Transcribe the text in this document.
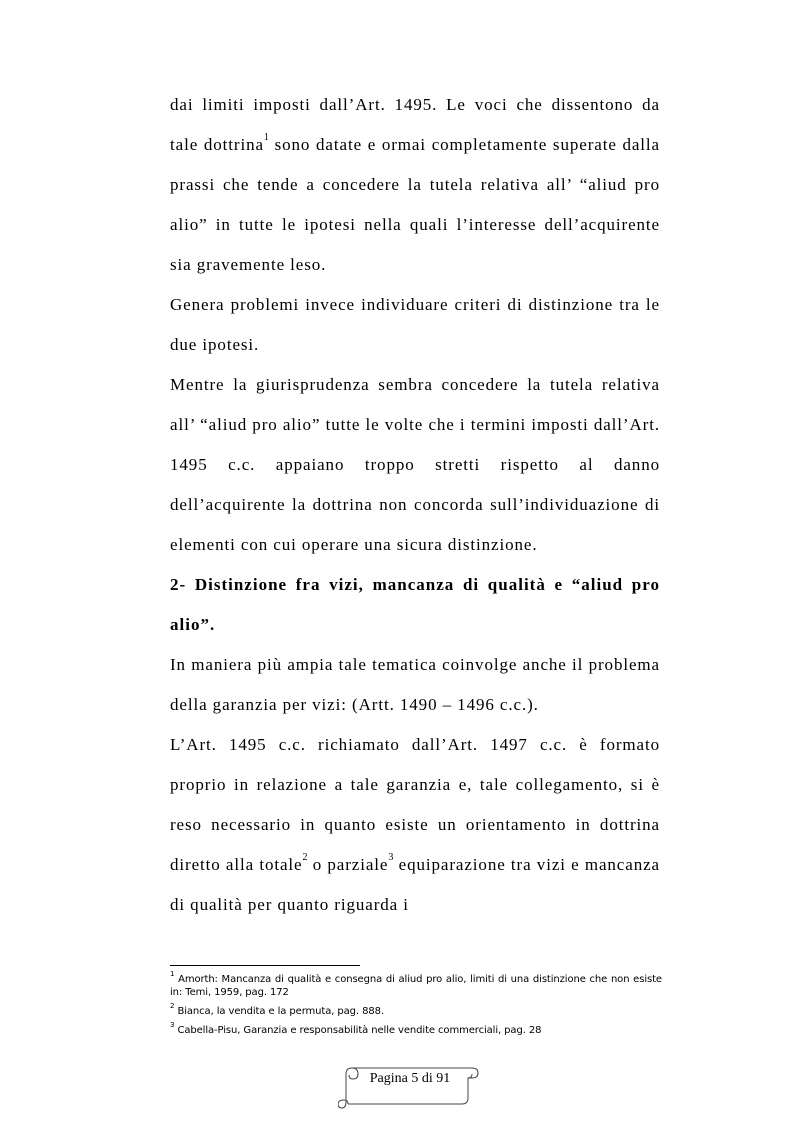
dai limiti imposti dall’Art. 1495. Le voci che dissentono da tale dottrina$^1$ sono datate e ormai completamente superate dalla prassi che tende a concedere la tutela relativa all’ “aliud pro alio” in tutte le ipotesi nella quali l’interesse dell’acquirente sia gravemente leso.

Genera problemi invece individuare criteri di distinzione tra le due ipotesi.

Mentre la giurisprudenza sembra concedere la tutela relativa all’ “aliud pro alio” tutte le volte che i termini imposti dall’Art. 1495 c.c. appaiano troppo stretti rispetto al danno dell’acquirente la dottrina non concorda sull’individuazione di elementi con cui operare una sicura distinzione.

2- Distinzione fra vizi, mancanza di qualità e “aliud pro alio”.

In maniera più ampia tale tematica coinvolge anche il problema della garanzia per vizi: (Artt. 1490 – 1496 c.c.).

L’Art. 1495 c.c. richiamato dall’Art. 1497 c.c. è formato proprio in relazione a tale garanzia e, tale collegamento, si è reso necessario in quanto esiste un orientamento in dottrina diretto alla totale$^2$ o parziale$^3$ equiparazione tra vizi e mancanza di qualità per quanto riguarda i

$^1$ Amorth: Mancanza di qualità e consegna di aliud pro alio, limiti di una distinzione che non esiste in: Temi, 1959, pag. 172

$^2$ Bianca, la vendita e la permuta, pag. 888.

$^3$ Cabella-Pisu, Garanzia e responsabilità nelle vendite commerciali, pag. 28

Pagina 5 di 91
